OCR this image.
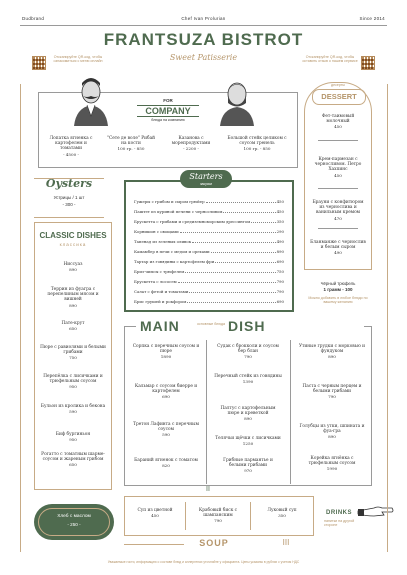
Dudbrand	Chef Ivan Prolurian	Since 2014
FRANTSUZA BISTROT
Sweet Patisserie
Отсканируйте QR-код, чтобы ознакомиться с меню онлайн
Отсканируйте QR-код, чтобы оставить отзыв о нашем сервисе
FOR
COMPANY
блюда на компанию
Лопатка ягненка с картофелем и томатами
- 4500 -
"Сете де воле" Рибай на кости
100 гр. - 850
Казанова с морепродуктами
- 2200 -
Большой стейк целиком с соусом гренель
100 гр. - 850
десерты
DESSERT
Фет-таимовый молочный
450
Крем-пармезан с черносливом. Петро Хахпинс
450
Брауни с конфитюром из чернослива и ванильным кремом
470
Бланманже с чернослив и белым сыром
490
Чёрный трюфель
1 грамм - 100
Можно добавить в любое блюдо по вашему желанию
Oysters
Устрицы / 1 шт
- 300 -
CLASSIC DISHES
классика
Ниссуаз
890
Террин из фуагра с перепелиным мясом и вишней
890
Пате-крут
650
Пюре с равиолями и белыми грибами
750
Перепёлка с лисичками и трюфельным соусом
950
Бульон из кролика и бекона
590
Биф бургиньон
950
Рогатто с томатным шарме-соусом и жареным грибом
650
Starters
закуски
Гужеры с грибом и сыром грюйер	450
Паштет из куриной печени с черносливом	450
Брускетта с грибами и средиземноморским дрессингом	350
Корнишон с овощами	290
Тапенад из зеленых оливок	490
Камамбер в печи с медом и орехами	890
Тартар из говядины с картофелем фри	690
Бриз-чипсы с трюфелем	750
Брускетта с лососем	790
Салат с фетой и томатами	790
Брис грушей и рокфором	690
MAIN	основные блюда DISH
Сорпка с перечным соусом и пюре
1890
Судак с брокколи и соусом бер блан
790
Утиные грудки с морковью и фундуком
890
Кальмар с соусом биерре и картофелем
690
Перечный стейк из говядины
1390
Паста с черным перцем и белыми грибами
790
Третон Лафинта с перечным соусом
590
Палтус с картофельным пюре и креветкой
890
Голубцы из утки, шпината и фуа-гра
890
Бараний ягненок с томатом
820
Телячьи щёчки с лисичками
1250
Корейка ягнёнка с трюфельным соусом
1990
Грибные пармантье и белыми грибами
970
II
Хлеб с маслом
- 250 -
Суп из цветной
450
Крабовый биск с шампанским
790
Луковый суп
350
SOUP	III
DRINKS
напитки на другой стороне
Уважаемые гости, информацию о составе блюд и аллергенах уточняйте у официанта. Цены указаны в рублях с учетом НДС
